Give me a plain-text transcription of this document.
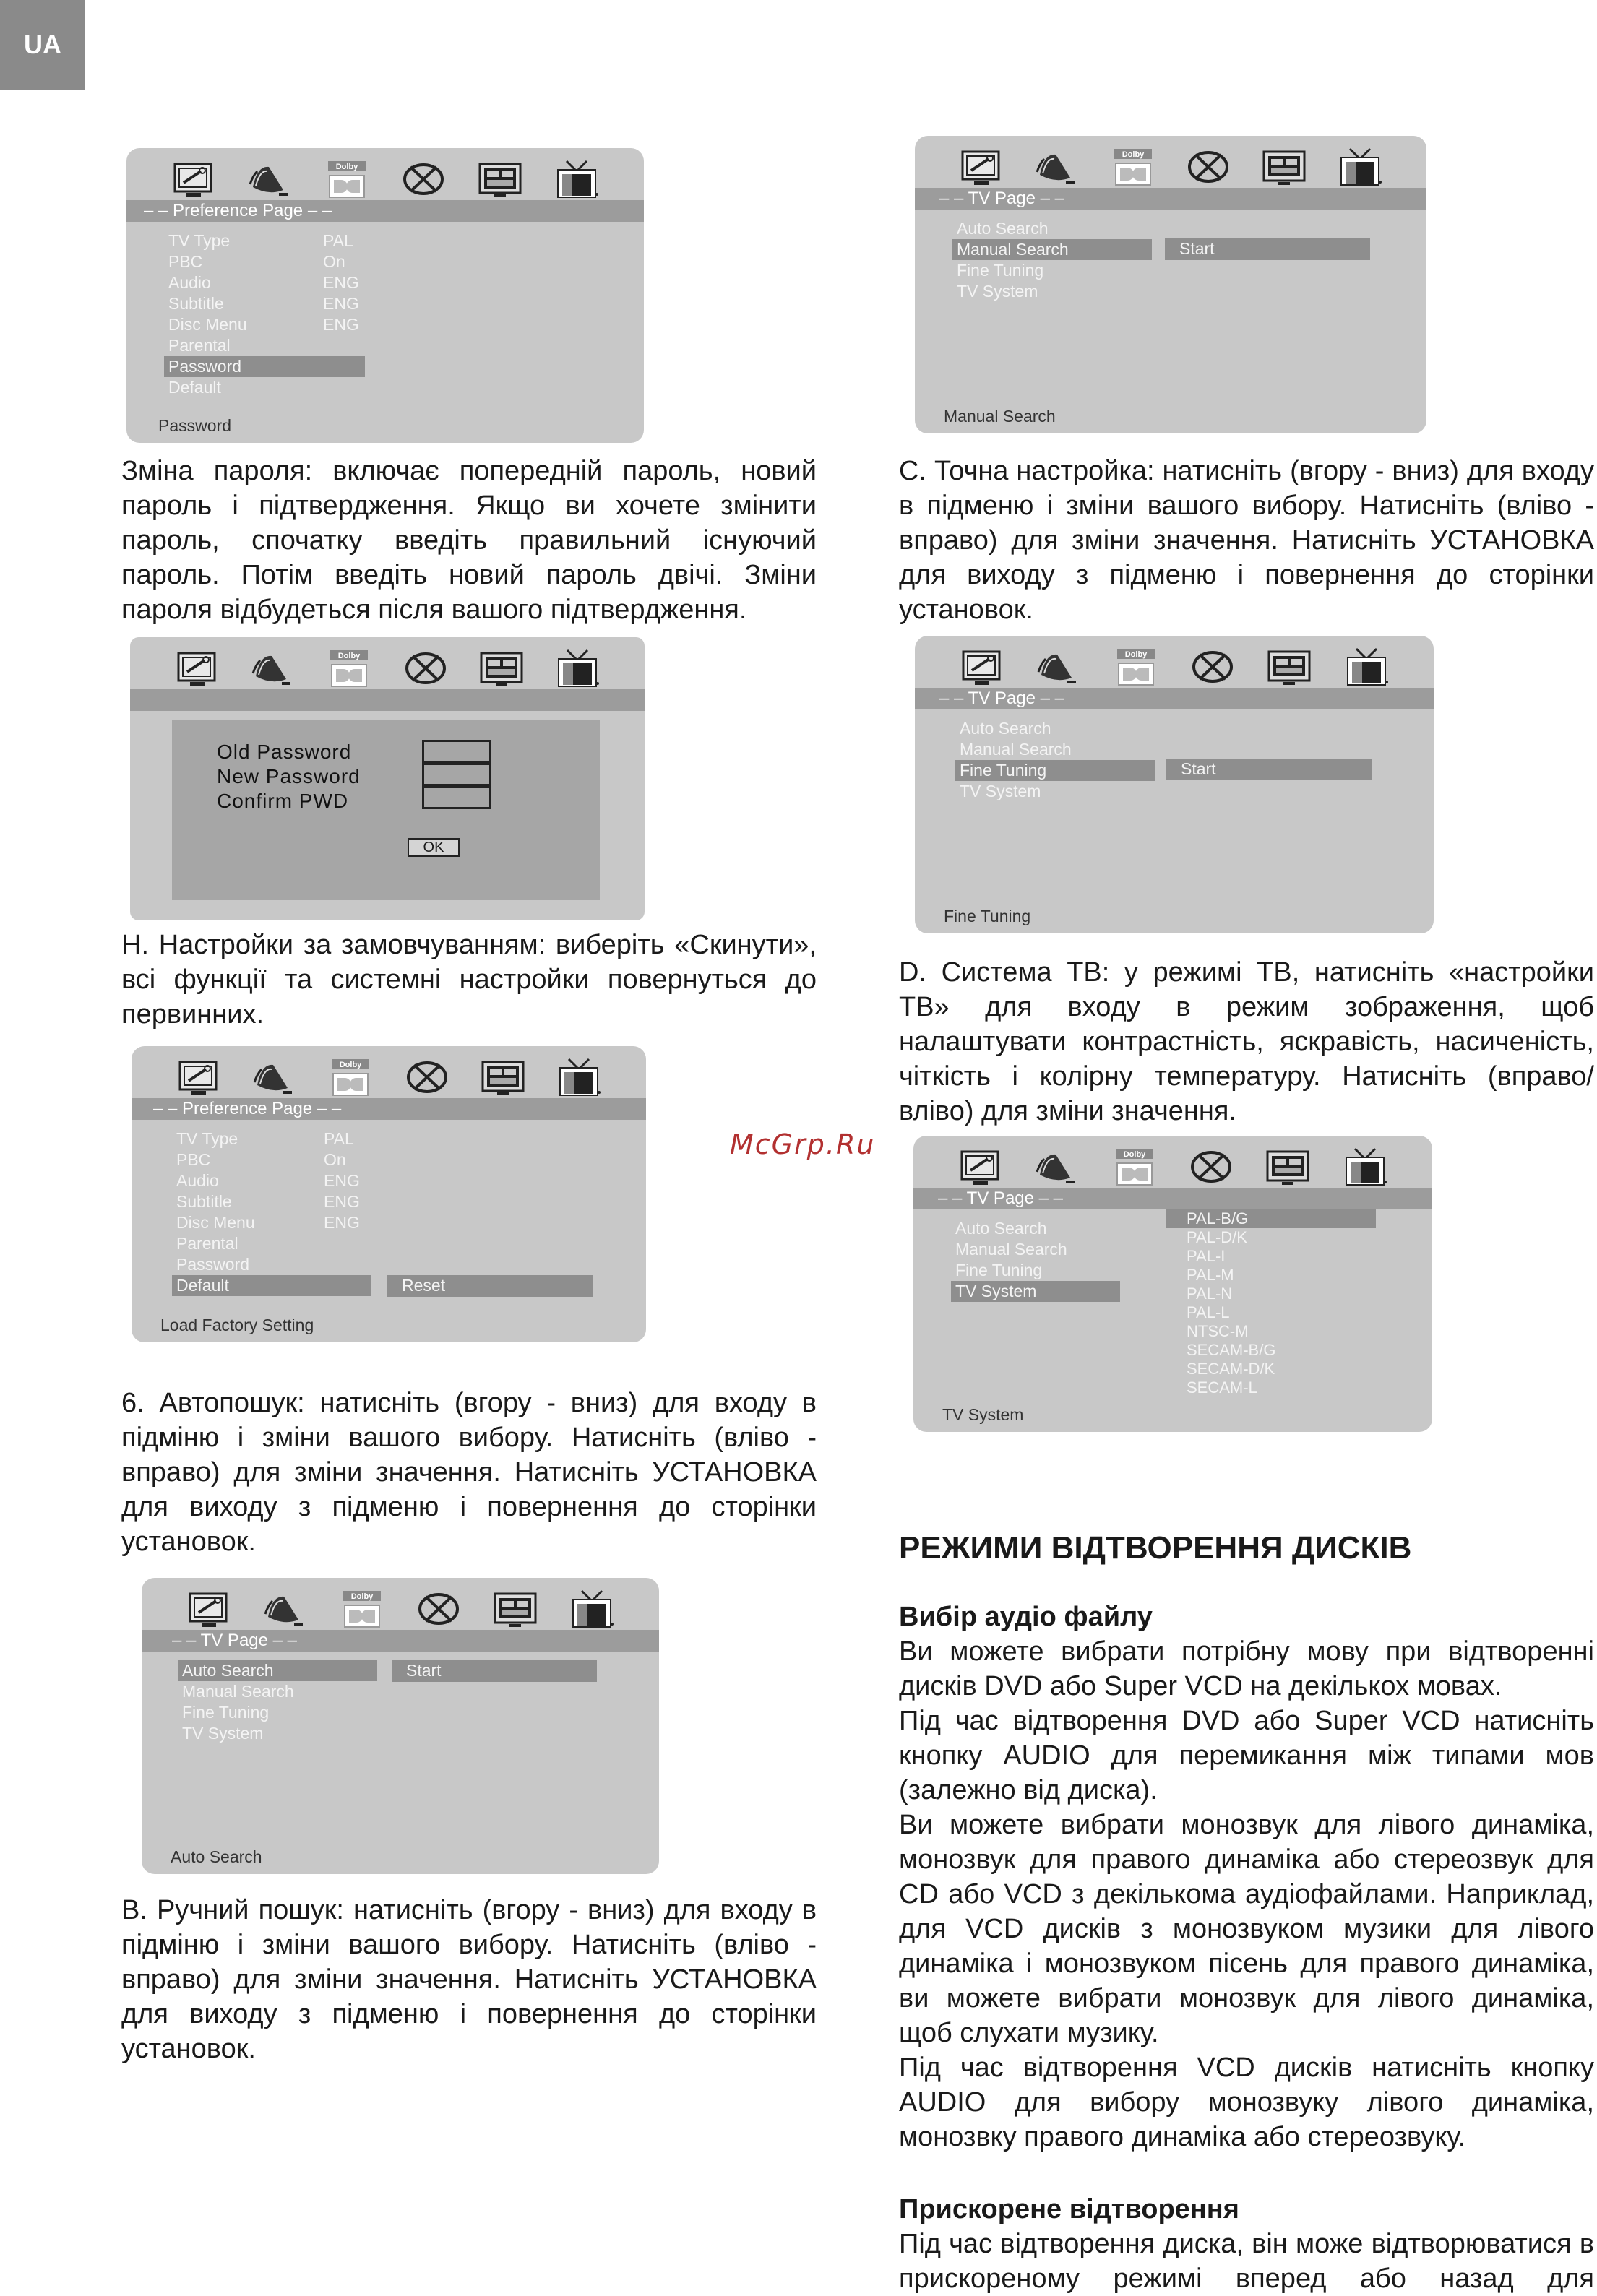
UA
Dolby
– – Preference Page – –
TV Type
PBC
Audio
Subtitle
Disc Menu
Parental
Password
Default
PAL
On
ENG
ENG
ENG
Password

Зміна пароля: включає попередній пароль, новий пароль і підтвердження. Якщо ви хочете змінити пароль, спочатку введіть правильний існуючий пароль. Потім введіть новий пароль двічі. Зміни пароля відбудеться після вашого підтвердження.

Dolby
Old Password
New Password
Confirm PWD
OK

H. Настройки за замовчуванням: виберіть «Скинути», всі функції та системні настройки повернуться до первинних.

Dolby
– – Preference Page – –
TV Type
PBC
Audio
Subtitle
Disc Menu
Parental
Password
Default
PAL
On
ENG
ENG
ENG
Reset
Load Factory Setting

6. Автопошук: натисніть (вгору - вниз) для входу в підміню і зміни вашого вибору. Натисніть (вліво - вправо) для зміни значення. Натисніть УСТАНОВКА для виходу з підменю і повернення до сторінки установок.

Dolby
– – TV Page – –
Auto Search
Manual Search
Fine Tuning
TV System
Start
Auto Search

B. Ручний пошук: натисніть (вгору - вниз) для входу в підміню і зміни вашого вибору. Натисніть (вліво - вправо) для зміни значення. Натисніть УСТАНОВКА для виходу з підменю і повернення до сторінки установок.

McGrp.Ru
Dolby
– – TV Page – –
Auto Search
Manual Search
Fine Tuning
TV System
Start
Manual Search

C. Точна настройка: натисніть (вгору - вниз) для входу в підменю і зміни вашого вибору. Натисніть (вліво - вправо) для зміни значення. Натисніть УСТАНОВКА для виходу з підменю і повернення до сторінки установок.

Dolby
– – TV Page – –
Auto Search
Manual Search
Fine Tuning
TV System
Start
Fine Tuning

D. Система ТВ: у режимі ТВ, натисніть «настройки ТВ» для входу в режим зображення, щоб налаштувати контрастність, яскравість, насиченість, чіткість і колірну температуру. Натисніть (вправо/вліво) для зміни значення.

Dolby
– – TV Page – –
Auto Search
Manual Search
Fine Tuning
TV System
PAL-B/G
PAL-D/K
PAL-I
PAL-M
PAL-N
PAL-L
NTSC-M
SECAM-B/G
SECAM-D/K
SECAM-L
TV System
РЕЖИМИ ВІДТВОРЕННЯ ДИСКІВ

Вибір аудіо файлу

Ви можете вибрати потрібну мову при відтворенні дисків DVD або Super VCD на декількох мовах.

Під час відтворення DVD або Super VCD натисніть кнопку AUDIO для перемикання між типами мов (залежно від диска).

Ви можете вибрати монозвук для лівого динаміка, монозвук для правого динаміка або стереозвук для CD або VCD з декількома аудіофайлами. Наприклад, для VCD дисків з монозвуком музики для лівого динаміка і монозвуком пісень для правого динаміка, ви можете вибрати монозвук для лівого динаміка, щоб слухати музику.

Під час відтворення VCD дисків натисніть кнопку AUDIO для вибору монозвуку лівого динаміка, монозвку правого динаміка або стереозвуку.

Прискорене відтворення

Під час відтворення диска, він може відтворюватися в прискореному режимі вперед або назад для
